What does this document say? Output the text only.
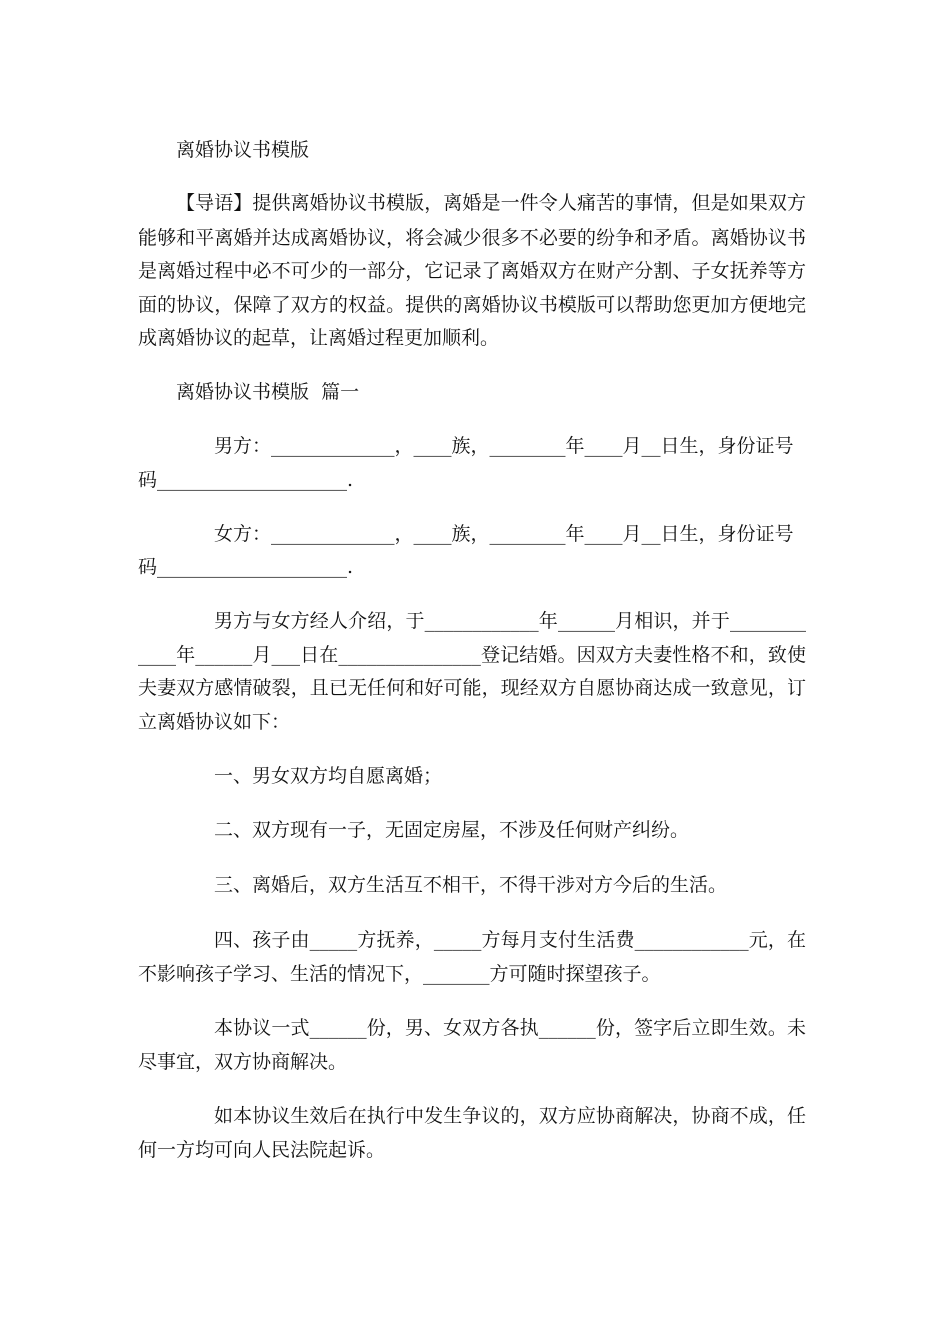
离婚协议书模版
【导语】提供离婚协议书模版，离婚是一件令人痛苦的事情，但是如果双方
能够和平离婚并达成离婚协议，将会减少很多不必要的纷争和矛盾。离婚协议书
是离婚过程中必不可少的一部分，它记录了离婚双方在财产分割、子女抚养等方
面的协议，保障了双方的权益。提供的离婚协议书模版可以帮助您更加方便地完
成离婚协议的起草，让离婚过程更加顺利。
离婚协议书模版  篇一
男方：_____________，____族，________年____月__日生，身份证号
码____________________.
女方：_____________，____族，________年____月__日生，身份证号
码____________________.
男方与女方经人介绍，于____________年______月相识，并于________
____年______月___日在_______________登记结婚。因双方夫妻性格不和，致使
夫妻双方感情破裂，且已无任何和好可能，现经双方自愿协商达成一致意见，订
立离婚协议如下：
一、男女双方均自愿离婚；
二、双方现有一子，无固定房屋，不涉及任何财产纠纷。
三、离婚后，双方生活互不相干，不得干涉对方今后的生活。
四、孩子由_____方抚养，_____方每月支付生活费____________元，在
不影响孩子学习、生活的情况下，_______方可随时探望孩子。
本协议一式______份，男、女双方各执______份，签字后立即生效。未
尽事宜，双方协商解决。
如本协议生效后在执行中发生争议的，双方应协商解决，协商不成，任
何一方均可向人民法院起诉。
